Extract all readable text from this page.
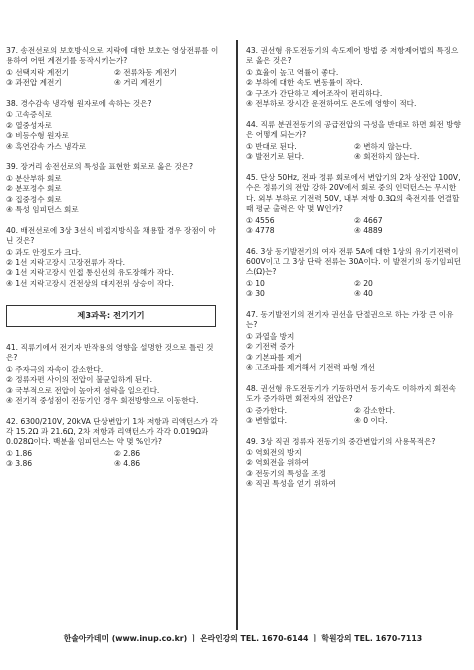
37. 송전선로의 보호방식으로 지락에 대한 보호는 영상전류를 이용하여 어떤 계전기를 동작시키는가?
① 선택지락 계전기	② 전류차동 계전기
③ 과전압 계전기	④ 거리 계전기
38. 경수감속 냉각형 원자로에 속하는 것은?
① 고속증식로
② 열중성자로
③ 비등수형 원자로
④ 흑연감속 가스 냉각로
39. 장거리 송전선로의 특성을 표현한 회로로 옳은 것은?
① 분산부하 회로
② 분포정수 회로
③ 집중정수 회로
④ 특성 임피던스 회로
40. 배전선로에 3상 3선식 비접지방식을 채용할 경우 장점이 아닌 것은?
① 과도 안정도가 크다.
② 1선 지락고장시 고장전류가 작다.
③ 1선 지락고장시 인접 통신선의 유도장해가 작다.
④ 1선 지락고장시 건전상의 대지전위 상승이 작다.
제3과목: 전기기기
41. 직류기에서 전기자 반작용의 영향을 설명한 것으로 틀린 것은?
① 주자극의 자속이 감소한다.
② 정류자편 사이의 전압이 불균일하게 된다.
③ 국부적으로 전압이 높아져 섬락을 일으킨다.
④ 전기적 중성점이 전동기인 경우 회전방향으로 이동한다.
42. 6300/210V, 20kVA 단상변압기 1차 저항과 리액턴스가 각각 15.2Ω 과 21.6Ω, 2차 저항과 리액턴스가 각각 0.019Ω과 0.028Ω이다. 백분율 임피던스는 약 몇 %인가?
① 1.86	② 2.86
③ 3.86	④ 4.86
43. 권선형 유도전동기의 속도제어 방법 중 저항제어법의 특징으로 옳은 것은?
① 효율이 높고 역률이 좋다.
② 부하에 대한 속도 변동률이 작다.
③ 구조가 간단하고 제어조작이 편리하다.
④ 전부하로 장시간 운전하여도 온도에 영향이 적다.
44. 직류 분권전동기의 공급전압의 극성을 반대로 하면 회전 방향은 어떻게 되는가?
① 반대로 된다.	② 변하지 않는다.
③ 발전기로 된다.	④ 회전하지 않는다.
45. 단상 50Hz, 전파 정류 회로에서 변압기의 2차 상전압 100V, 수은 정류기의 전압 강하 20V에서 회로 중의 인덕턴스는 무시한다. 외부 부하로 기전력 50V, 내부 저항 0.3Ω의 축전지를 연결할 때 평균 출력은 약 몇 W인가?
① 4556	② 4667
③ 4778	④ 4889
46. 3상 동기발전기의 여자 전류 5A에 대한 1상의 유기기전력이 600V이고 그 3상 단락 전류는 30A이다. 이 발전기의 동기임피던스(Ω)는?
① 10	② 20
③ 30	④ 40
47. 동기발전기의 전기자 권선을 단절권으로 하는 가장 큰 이유는?
① 과열을 방지
② 기전력 증가
③ 기본파를 제거
④ 고조파를 제거해서 기전력 파형 개선
48. 권선형 유도전동기가 기동하면서 동기속도 이하까지 회전속도가 증가하면 회전자의 전압은?
① 증가한다.	② 감소한다.
③ 변함없다.	④ 0 이다.
49. 3상 직권 정류자 전동기의 중간변압기의 사용목적은?
① 역회전의 방지
② 역회전을 위하여
③ 전동기의 특성을 조정
④ 직권 특성을 얻기 위하여
한솔아카데미 (www.inup.co.kr) ㅣ 온라인강의 TEL. 1670-6144 ㅣ 학원강의 TEL. 1670-7113
